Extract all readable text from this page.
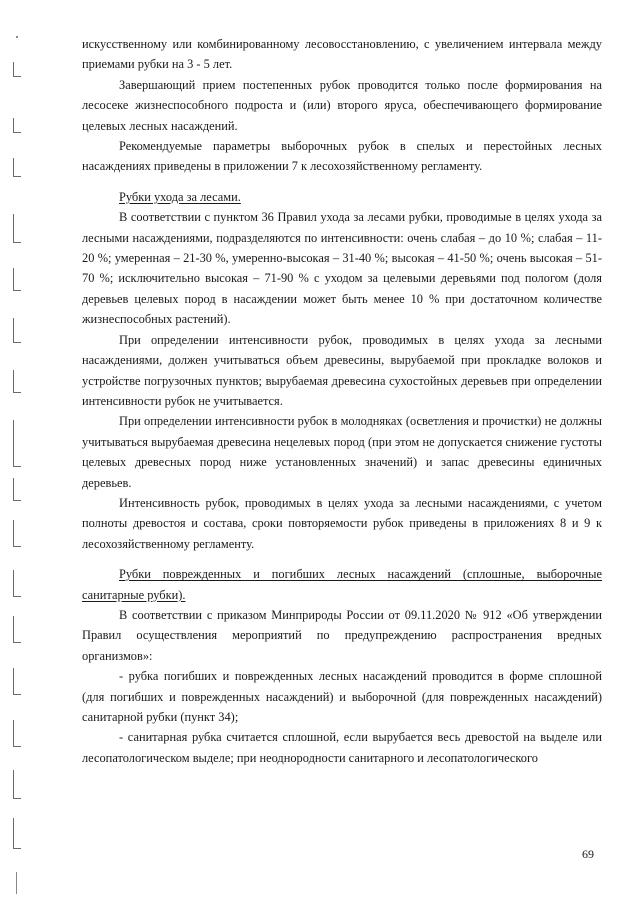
искусственному или комбинированному лесовосстановлению, с увеличением интервала между приемами рубки на 3 - 5 лет.

Завершающий прием постепенных рубок проводится только после формирования на лесосеке жизнеспособного подроста и (или) второго яруса, обеспечивающего формирование целевых лесных насаждений.

Рекомендуемые параметры выборочных рубок в спелых и перестойных лесных насаждениях приведены в приложении 7 к лесохозяйственному регламенту.

Рубки ухода за лесами.

В соответствии с пунктом 36 Правил ухода за лесами рубки, проводимые в целях ухода за лесными насаждениями, подразделяются по интенсивности: очень слабая – до 10 %; слабая – 11-20 %; умеренная – 21-30 %, умеренно-высокая – 31-40 %; высокая – 41-50 %; очень высокая – 51-70 %; исключительно высокая – 71-90 % с уходом за целевыми деревьями под пологом (доля деревьев целевых пород в насаждении может быть менее 10 % при достаточном количестве жизнеспособных растений).

При определении интенсивности рубок, проводимых в целях ухода за лесными насаждениями, должен учитываться объем древесины, вырубаемой при прокладке волоков и устройстве погрузочных пунктов; вырубаемая древесина сухостойных деревьев при определении интенсивности рубок не учитывается.

При определении интенсивности рубок в молодняках (осветления и прочистки) не должны учитываться вырубаемая древесина нецелевых пород (при этом не допускается снижение густоты целевых древесных пород ниже установленных значений) и запас древесины единичных деревьев.

Интенсивность рубок, проводимых в целях ухода за лесными насаждениями, с учетом полноты древостоя и состава, сроки повторяемости рубок приведены в приложениях 8 и 9 к лесохозяйственному регламенту.

Рубки поврежденных и погибших лесных насаждений (сплошные, выборочные санитарные рубки).

В соответствии с приказом Минприроды России от 09.11.2020 № 912 «Об утверждении Правил осуществления мероприятий по предупреждению распространения вредных организмов»:

- рубка погибших и поврежденных лесных насаждений проводится в форме сплошной (для погибших и поврежденных насаждений) и выборочной (для поврежденных насаждений) санитарной рубки (пункт 34);

- санитарная рубка считается сплошной, если вырубается весь древостой на выделе или лесопатологическом выделе; при неоднородности санитарного и лесопатологического

69
